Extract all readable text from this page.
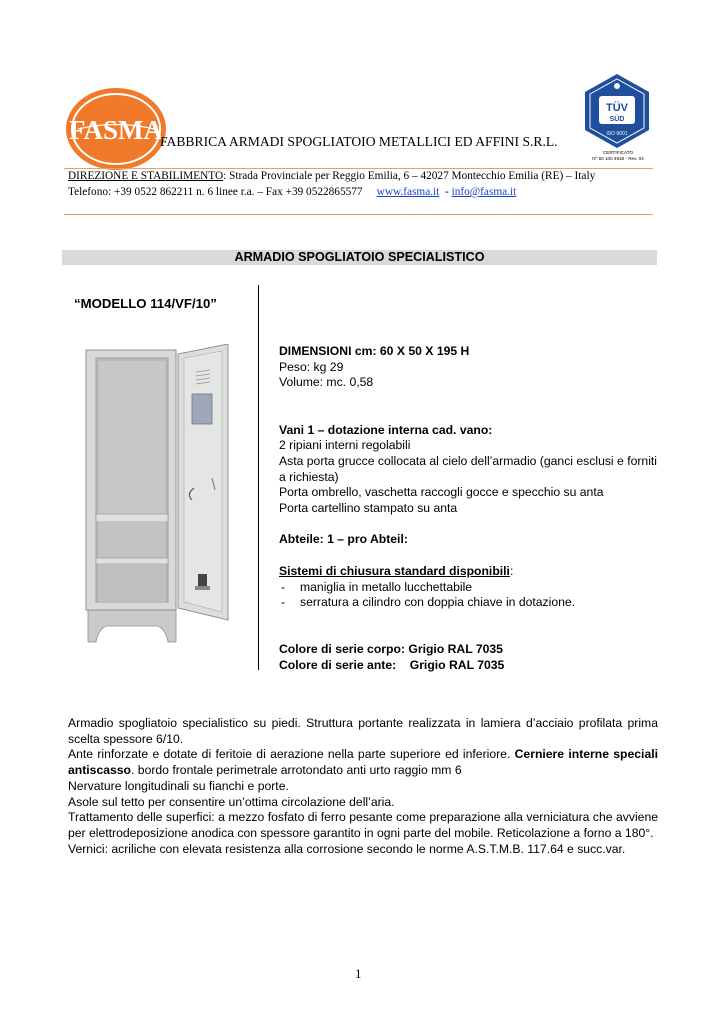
FASMA
FABBRICA ARMADI SPOGLIATOIO METALLICI ED AFFINI S.R.L.
TÜV
SÜD
ISO 9001
CERTIFICATO
Nº 50 100 4918 - Rev. 04
DIREZIONE E STABILIMENTO: Strada Provinciale per Reggio Emilia, 6 – 42027 Montecchio Emilia (RE) – Italy
Telefono: +39 0522 862211 n. 6 linee r.a. – Fax +39 0522865577 www.fasma.it - info@fasma.it
ARMADIO SPOGLIATOIO SPECIALISTICO
“MODELLO 114/VF/10”

DIMENSIONI cm: 60 X 50 X 195 H

Peso: kg 29

Volume: mc. 0,58

Vani 1 – dotazione interna cad. vano:

2 ripiani interni regolabili

Asta porta grucce collocata al cielo dell’armadio (ganci esclusi e forniti a richiesta)

Porta ombrello, vaschetta raccogli gocce e specchio su anta

Porta cartellino stampato su anta

Abteile: 1 – pro Abteil:

Sistemi di chiusura standard disponibili:

- maniglia in metallo lucchettabile
- serratura a cilindro con doppia chiave in dotazione.

Colore di serie corpo: Grigio RAL 7035

Colore di serie ante:    Grigio RAL 7035

Armadio spogliatoio specialistico su piedi. Struttura portante realizzata in lamiera d’acciaio profilata prima scelta spessore 6/10.

Ante rinforzate e dotate di feritoie di aerazione nella parte superiore ed inferiore. Cerniere interne speciali antiscasso. bordo frontale perimetrale arrotondato anti urto raggio mm 6

Nervature longitudinali su fianchi e porte.

Asole sul tetto per consentire un’ottima circolazione dell’aria.

Trattamento delle superfici: a mezzo fosfato di ferro pesante come preparazione alla verniciatura che avviene per elettrodeposizione anodica con spessore garantito in ogni parte del mobile. Reticolazione a forno a 180°.

Vernici: acriliche con elevata resistenza alla corrosione secondo le norme A.S.T.M.B. 117.64 e succ.var.

1
